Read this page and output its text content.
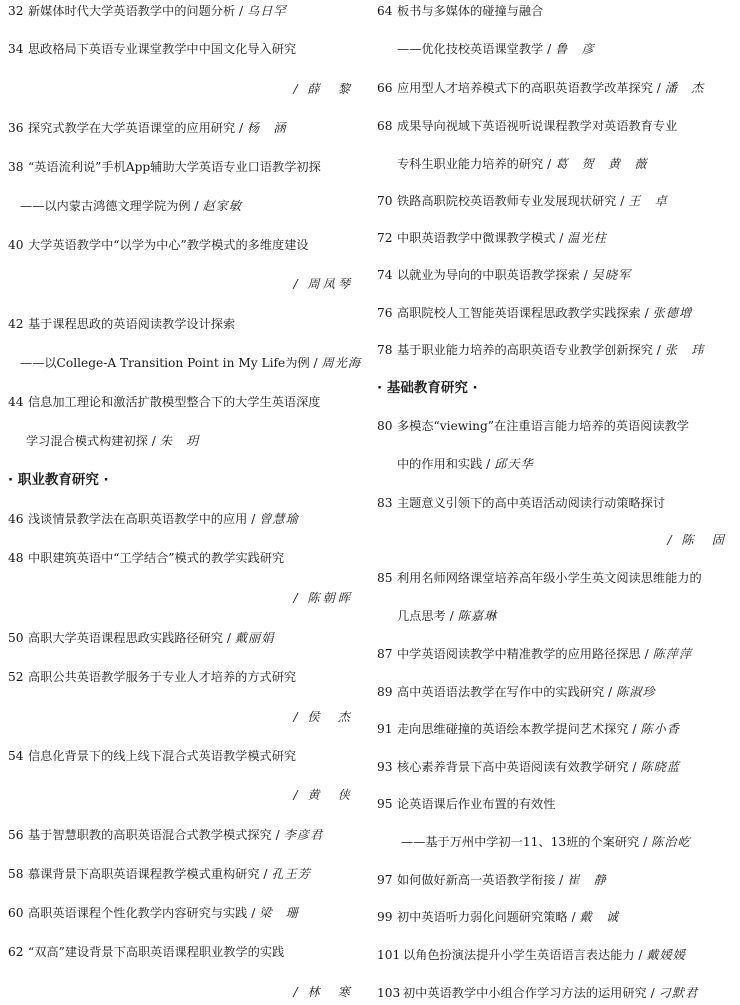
32 新媒体时代大学英语教学中的问题分析 / 乌日罕
34 思政格局下英语专业课堂教学中中国文化导入研究
/ 薛　黎
36 探究式教学在大学英语课堂的应用研究 / 杨　涵
38 “英语流利说”手机App辅助大学英语专业口语教学初探
——以内蒙古鸿德文理学院为例 / 赵家敏
40 大学英语教学中“以学为中心”教学模式的多维度建设
/ 周凤琴
42 基于课程思政的英语阅读教学设计探索
——以College-A Transition Point in My Life为例 / 周光海
44 信息加工理论和激活扩散模型整合下的大学生英语深度
学习混合模式构建初探 / 朱　玥
· 职业教育研究 ·
46 浅谈情景教学法在高职英语教学中的应用 / 曾慧瑜
48 中职建筑英语中“工学结合”模式的教学实践研究
/ 陈朝晖
50 高职大学英语课程思政实践路径研究 / 戴丽娟
52 高职公共英语教学服务于专业人才培养的方式研究
/ 侯　杰
54 信息化背景下的线上线下混合式英语教学模式研究
/ 黄　侠
56 基于智慧职教的高职英语混合式教学模式探究 / 李彦君
58 慕课背景下高职英语课程教学模式重构研究 / 孔王芳
60 高职英语课程个性化教学内容研究与实践 / 梁　珊
62 “双高”建设背景下高职英语课程职业教学的实践
/ 林　寒
64 板书与多媒体的碰撞与融合
——优化技校英语课堂教学 / 鲁　彦
66 应用型人才培养模式下的高职英语教学改革探究 / 潘　杰
68 成果导向视域下英语视听说课程教学对英语教育专业
专科生职业能力培养的研究 / 葛　贺　黄　薇
70 铁路高职院校英语教师专业发展现状研究 / 王　卓
72 中职英语教学中微课教学模式 / 温光柱
74 以就业为导向的中职英语教学探索 / 吴晓军
76 高职院校人工智能英语课程思政教学实践探索 / 张德增
78 基于职业能力培养的高职英语专业教学创新探究 / 张　玮
· 基础教育研究 ·
80 多模态“viewing”在注重语言能力培养的英语阅读教学
中的作用和实践 / 邱天华
83 主题意义引领下的高中英语活动阅读行动策略探讨
/ 陈　固
85 利用名师网络课堂培养高年级小学生英文阅读思维能力的
几点思考 / 陈嘉琳
87 中学英语阅读教学中精准教学的应用路径探思 / 陈萍萍
89 高中英语语法教学在写作中的实践研究 / 陈淑珍
91 走向思维碰撞的英语绘本教学提问艺术探究 / 陈小香
93 核心素养背景下高中英语阅读有效教学研究 / 陈晓蓝
95 论英语课后作业布置的有效性
——基于万州中学初一11、13班的个案研究 / 陈治屹
97 如何做好新高一英语教学衔接 / 崔　静
99 初中英语听力弱化问题研究策略 / 戴　诚
101 以角色扮演法提升小学生英语语言表达能力 / 戴媛媛
103 初中英语教学中小组合作学习方法的运用研究 / 刁默君
